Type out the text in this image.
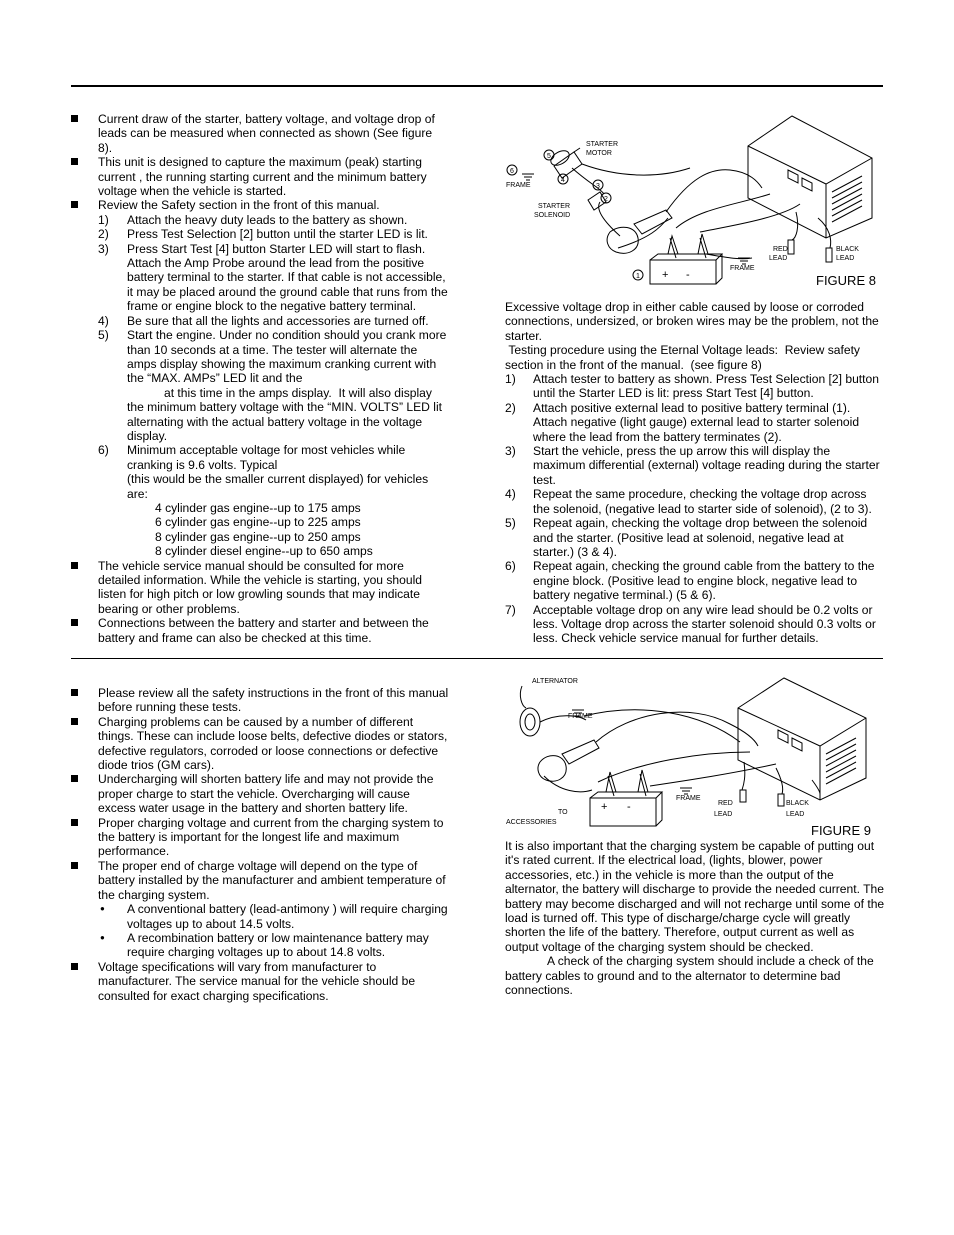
Current draw of the starter, battery voltage, and voltage drop of leads can be measured when connected as shown (See figure 8).

This unit is designed to capture the maximum (peak) starting current , the running starting current and the minimum battery voltage when the vehicle is started.

Review the Safety section in the front of this manual.

1) Attach the heavy duty leads to the battery as shown.

2) Press Test Selection [2] button until the starter LED is lit.

3) Press Start Test [4] button Starter LED will start to flash. Attach the Amp Probe around the lead from the positive battery terminal to the starter. If that cable is not accessible, it may be placed around the ground cable that runs from the frame or engine block to the negative battery terminal.

4) Be sure that all the lights and accessories are turned off.

5) Start the engine. Under no condition should you crank more than 10 seconds at a time. The tester will alternate the amps display showing the maximum cranking current with the “MAX. AMPs” LED lit and the

at this time in the amps display.  It will also display the minimum battery voltage with the “MIN. VOLTS” LED lit alternating with the actual battery voltage in the voltage display.

6) Minimum acceptable voltage for most vehicles while cranking is 9.6 volts. Typical

(this would be the smaller current displayed) for vehicles are:

4 cylinder gas engine--up to 175 amps

6 cylinder gas engine--up to 225 amps

8 cylinder gas engine--up to 250 amps

8 cylinder diesel engine--up to 650 amps

The vehicle service manual should be consulted for more detailed information. While the vehicle is starting, you should listen for high pitch or low growling sounds that may indicate bearing or other problems.

Connections between the battery and starter and between the battery and frame can also be checked at this time.

6
5
4
3
2
1
STARTER
MOTOR
FRAME
STARTER
SOLENOID
FRAME
RED
LEAD
BLACK
LEAD
+ -	FIGURE 8

Excessive voltage drop in either cable caused by loose or corroded connections, undersized, or broken wires may be the problem, not the starter.

Testing procedure using the Eternal Voltage leads:  Review safety section in the front of the manual.  (see figure 8)

1) Attach tester to battery as shown. Press Test Selection [2] button until the Starter LED is lit: press Start Test [4] button.

2) Attach positive external lead to positive battery terminal (1). Attach negative (light gauge) external lead to starter solenoid where the lead from the battery terminates (2).

3) Start the vehicle, press the up arrow this will display the maximum differential (external) voltage reading during the starter test.

4) Repeat the same procedure, checking the voltage drop across the solenoid, (negative lead to starter side of solenoid), (2 to 3).

5) Repeat again, checking the voltage drop between the solenoid and the starter. (Positive lead at solenoid, negative lead at starter.) (3 & 4).

6) Repeat again, checking the ground cable from the battery to the engine block. (Positive lead to engine block, negative lead to battery negative terminal.) (5 & 6).

7) Acceptable voltage drop on any wire lead should be 0.2 volts or less. Voltage drop across the starter solenoid should 0.3 volts or less. Check vehicle service manual for further details.

Please review all the safety instructions in the front of this manual before running these tests.

Charging problems can be caused by a number of different things. These can include loose belts, defective diodes or stators, defective regulators, corroded or loose connections or defective diode trios (GM cars).

Undercharging will shorten battery life and may not provide the proper charge to start the vehicle. Overcharging will cause excess water usage in the battery and shorten battery life.

Proper charging voltage and current from the charging system to the battery is important for the longest life and maximum performance.

The proper end of charge voltage will depend on the type of battery installed by the manufacturer and ambient temperature of the charging system.

● A conventional battery (lead-antimony ) will require charging voltages up to about 14.5 volts.

● A recombination battery or low maintenance battery may require charging voltages up to about 14.8 volts.

Voltage specifications will vary from manufacturer to manufacturer. The service manual for the vehicle should be consulted for exact charging specifications.

ALTERNATOR
FRAME
FRAME
TO
ACCESSORIES
RED
LEAD
BLACK
LEAD
+ -
FIGURE 9

It is also important that the charging system be capable of putting out it's rated current. If the electrical load, (lights, blower, power accessories, etc.) in the vehicle is more than the output of the alternator, the battery will discharge to provide the needed current. The battery may become discharged and will not recharge until some of the load is turned off. This type of discharge/charge cycle will greatly shorten the life of the battery. Therefore, output current as well as output voltage of the charging system should be checked.

A check of the charging system should include a check of the battery cables to ground and to the alternator to determine bad connections.
